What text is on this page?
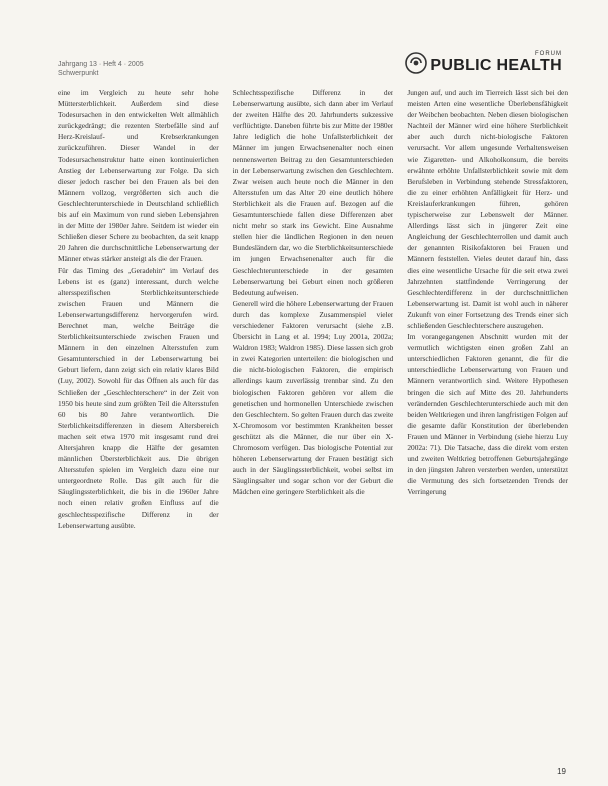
Jahrgang 13 · Heft 4 · 2005
Schwerpunkt
FORUM
PUBLIC HEALTH

eine im Vergleich zu heute sehr hohe Müttersterblichkeit. Außerdem sind diese Todesursachen in den entwickelten Welt allmählich zurückgedrängt; die rezenten Sterbefälle sind auf Herz-Kreislauf- und Krebserkrankungen zurückzuführen. Dieser Wandel in der Todesursachenstruktur hatte einen kontinuierlichen Anstieg der Lebenserwartung zur Folge. Da sich dieser jedoch rascher bei den Frauen als bei den Männern vollzog, vergrößerten sich auch die Geschlechterunterschiede in Deutschland schließlich bis auf ein Maximum von rund sieben Lebensjahren in der Mitte der 1980er Jahre. Seitdem ist wieder ein Schließen dieser Schere zu beobachten, da seit knapp 20 Jahren die durchschnittliche Lebenserwartung der Männer etwas stärker ansteigt als die der Frauen.

Für das Timing des „Geradehin“ im Verlauf des Lebens ist es (ganz) interessant, durch welche altersspezifischen Sterblichkeitsunterschiede zwischen Frauen und Männern die Lebenserwartungsdifferenz hervorgerufen wird. Berechnet man, welche Beiträge die Sterblichkeitsunterschiede zwischen Frauen und Männern in den einzelnen Altersstufen zum Gesamtunterschied in der Lebenserwartung bei Geburt liefern, dann zeigt sich ein relativ klares Bild (Luy, 2002). Sowohl für das Öffnen als auch für das Schließen der „Geschlechterschere“ in der Zeit von 1950 bis heute sind zum größten Teil die Altersstufen 60 bis 80 Jahre verantwortlich. Die Sterblichkeitsdifferenzen in diesem Altersbereich machen seit etwa 1970 mit insgesamt rund drei Altersjahren knapp die Hälfte der gesamten männlichen Übersterblichkeit aus. Die übrigen Altersstufen spielen im Vergleich dazu eine nur untergeordnete Rolle. Das gilt auch für die Säuglingssterblichkeit, die bis in die 1960er Jahre noch einen relativ großen Einfluss auf die geschlechtsspezifische Differenz in der Lebenserwartung ausübte.

Schlechtsspezifische Differenz in der Lebenserwartung ausübte, sich dann aber im Verlauf der zweiten Hälfte des 20. Jahrhunderts sukzessive verflüchtigte. Daneben führte bis zur Mitte der 1980er Jahre lediglich die hohe Unfallsterblichkeit der Männer im jungen Erwachsenenalter noch einen nennenswerten Beitrag zu den Gesamtunterschieden in der Lebenserwartung zwischen den Geschlechtern. Zwar weisen auch heute noch die Männer in den Altersstufen um das Alter 20 eine deutlich höhere Sterblichkeit als die Frauen auf. Bezogen auf die Gesamtunterschiede fallen diese Differenzen aber nicht mehr so stark ins Gewicht. Eine Ausnahme stellen hier die ländlichen Regionen in den neuen Bundesländern dar, wo die Sterblichkeitsunterschiede im jungen Erwachsenenalter auch für die Geschlechterunterschiede in der gesamten Lebenserwartung bei Geburt einen noch größeren Bedeutung aufweisen.

Generell wird die höhere Lebenserwartung der Frauen durch das komplexe Zusammenspiel vieler verschiedener Faktoren verursacht (siehe z.B. Übersicht in Lang et al. 1994; Luy 2001a, 2002a; Waldron 1983; Waldron 1985). Diese lassen sich grob in zwei Kategorien unterteilen: die biologischen und die nicht-biologischen Faktoren, die empirisch allerdings kaum zuverlässig trennbar sind. Zu den biologischen Faktoren gehören vor allem die genetischen und hormonellen Unterschiede zwischen den Geschlechtern. So gelten Frauen durch das zweite X-Chromosom vor bestimmten Krankheiten besser geschützt als die Männer, die nur über ein X-Chromosom verfügen. Das biologische Potential zur höheren Lebenserwartung der Frauen bestätigt sich auch in der Säuglingssterblichkeit, wobei selbst im Säuglingsalter und sogar schon vor der Geburt die Mädchen eine geringere Sterblichkeit als die

Jungen auf, und auch im Tierreich lässt sich bei den meisten Arten eine wesentliche Überlebensfähigkeit der Weibchen beobachten. Neben diesen biologischen Nachteil der Männer wird eine höhere Sterblichkeit aber auch durch nicht-biologische Faktoren verursacht. Vor allem ungesunde Verhaltensweisen wie Zigaretten- und Alkoholkonsum, die bereits erwähnte erhöhte Unfallsterblichkeit sowie mit dem Berufsleben in Verbindung stehende Stressfaktoren, die zu einer erhöhten Anfälligkeit für Herz- und Kreislauferkrankungen führen, gehören typischerweise zur Lebenswelt der Männer. Allerdings lässt sich in jüngerer Zeit eine Angleichung der Geschlechterrollen und damit auch der genannten Risikofaktoren bei Frauen und Männern feststellen. Vieles deutet darauf hin, dass dies eine wesentliche Ursache für die seit etwa zwei Jahrzehnten stattfindende Verringerung der Geschlechterdifferenz in der durchschnittlichen Lebenserwartung ist. Damit ist wohl auch in näherer Zukunft von einer Fortsetzung des Trends einer sich schließenden Geschlechterschere auszugehen.

Im vorangegangenen Abschnitt wurden mit der vermutlich wichtigsten einen großen Zahl an unterschiedlichen Faktoren genannt, die für die unterschiedliche Lebenserwartung von Frauen und Männern verantwortlich sind. Weitere Hypothesen bringen die sich auf Mitte des 20. Jahrhunderts verändernden Geschlechterunterschiede auch mit den beiden Weltkriegen und ihren langfristigen Folgen auf die gesamte dafür Konstitution der überlebenden Frauen und Männer in Verbindung (siehe hierzu Luy 2002a: 71). Die Tatsache, dass die direkt vom ersten und zweiten Weltkrieg betroffenen Geburtsjahrgänge in den jüngsten Jahren versterben werden, unterstützt die Vermutung des sich fortsetzenden Trends der Verringerung

19
